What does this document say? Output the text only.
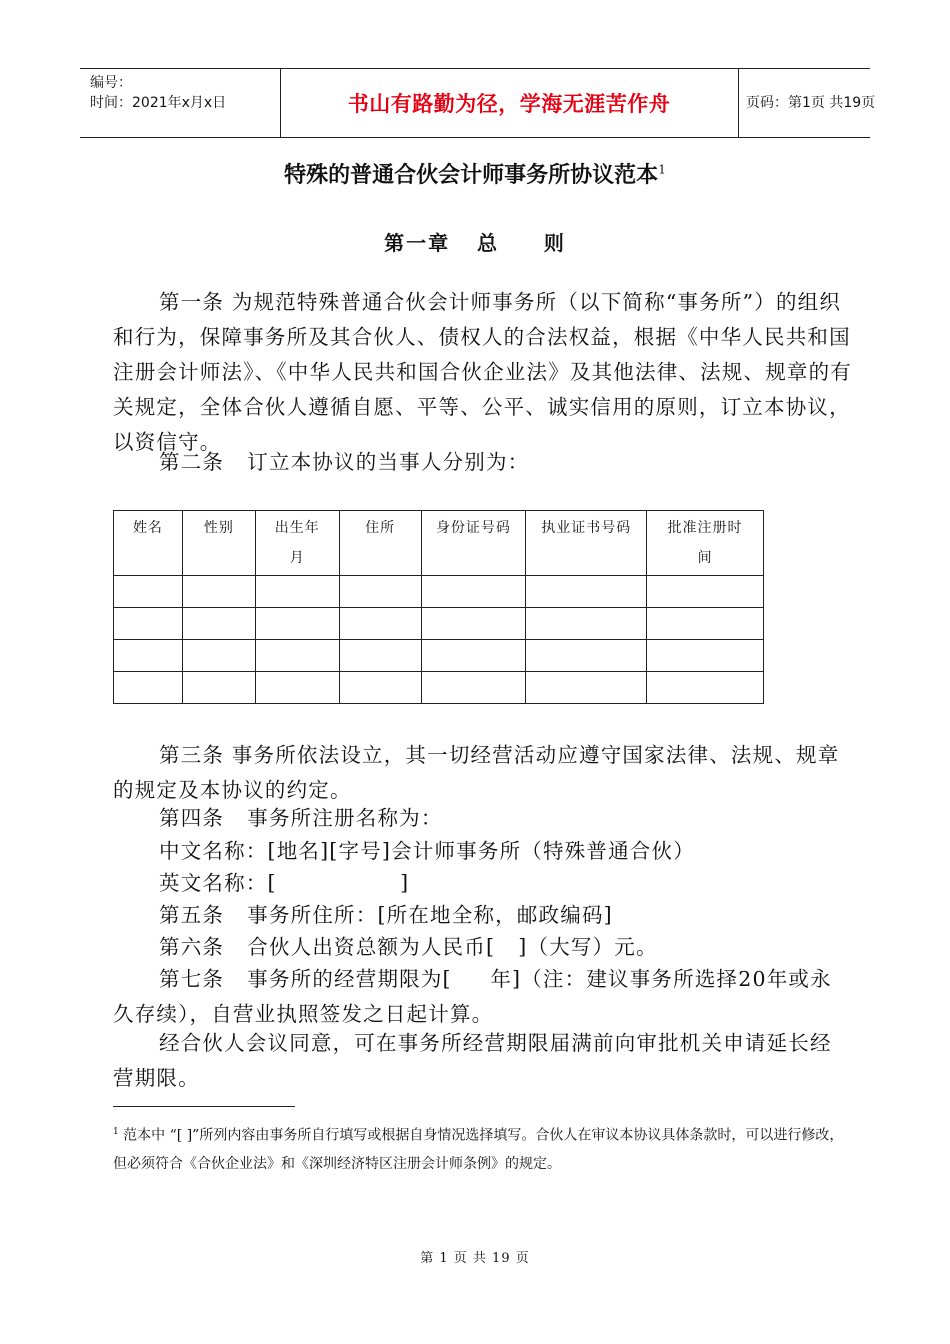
编号：
时间：2021年x月x日	书山有路勤为径，学海无涯苦作舟	页码：第1页 共19页
特殊的普通合伙会计师事务所协议范本$^1$
第一章   总     则
第一条 为规范特殊普通合伙会计师事务所（以下简称“事务所”）的组织和行为，保障事务所及其合伙人、债权人的合法权益，根据《中华人民共和国注册会计师法》、《中华人民共和国合伙企业法》及其他法律、法规、规章的有关规定，全体合伙人遵循自愿、平等、公平、诚实信用的原则，订立本协议，以资信守。
第二条   订立本协议的当事人分别为：
姓名	性别	出生年月	住所	身份证号码	执业证书号码	批准注册时间

第三条 事务所依法设立，其一切经营活动应遵守国家法律、法规、规章的规定及本协议的约定。
第四条   事务所注册名称为：
中文名称：[地名][字号]会计师事务所（特殊普通合伙）
英文名称：[                ]
第五条   事务所住所：[所在地全称，邮政编码]
第六条   合伙人出资总额为人民币[   ]（大写）元。
第七条   事务所的经营期限为[     年]（注：建议事务所选择20年或永久存续），自营业执照签发之日起计算。
经合伙人会议同意，可在事务所经营期限届满前向审批机关申请延长经营期限。
$^1$ 范本中 “[ ]”所列内容由事务所自行填写或根据自身情况选择填写。合伙人在审议本协议具体条款时，可以进行修改，但必须符合《合伙企业法》和《深圳经济特区注册会计师条例》的规定。
第 1 页 共 19 页
